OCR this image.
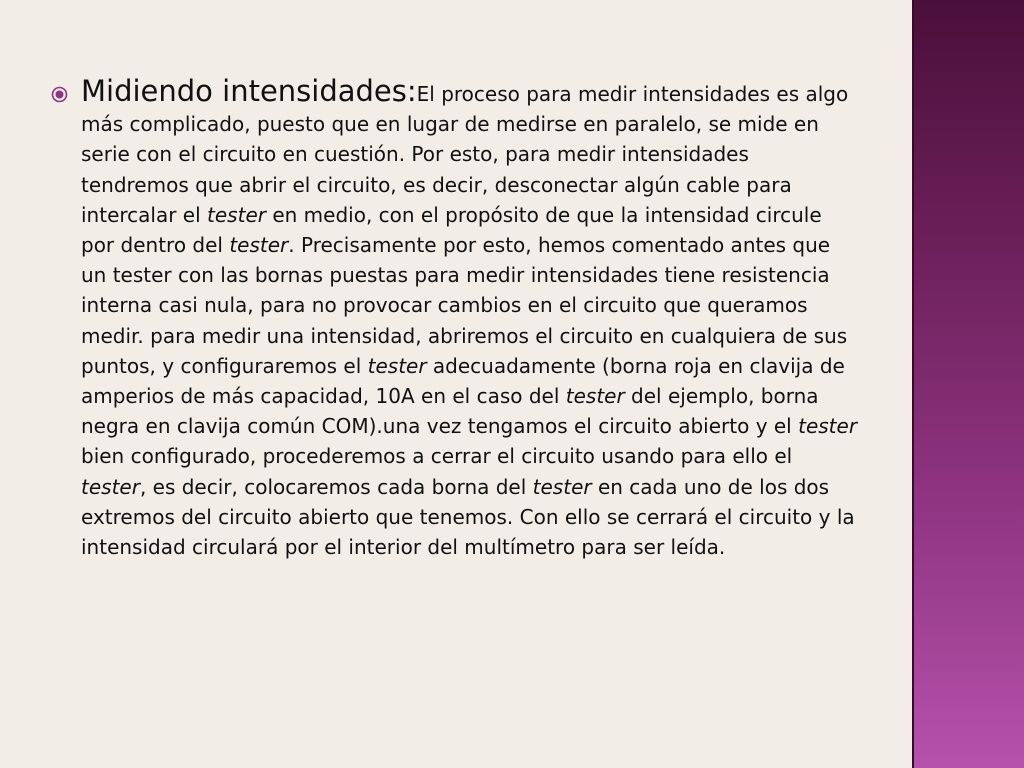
Midiendo intensidades:El proceso para medir intensidades es algo más complicado, puesto que en lugar de medirse en paralelo, se mide en serie con el circuito en cuestión. Por esto, para medir intensidades tendremos que abrir el circuito, es decir, desconectar algún cable para intercalar el tester en medio, con el propósito de que la intensidad circule por dentro del tester. Precisamente por esto, hemos comentado antes que un tester con las bornas puestas para medir intensidades tiene resistencia interna casi nula, para no provocar cambios en el circuito que queramos medir. para medir una intensidad, abriremos el circuito en cualquiera de sus puntos, y configuraremos el tester adecuadamente (borna roja en clavija de amperios de más capacidad, 10A en el caso del tester del ejemplo, borna negra en clavija común COM).una vez tengamos el circuito abierto y el tester bien configurado, procederemos a cerrar el circuito usando para ello el tester, es decir, colocaremos cada borna del tester en cada uno de los dos extremos del circuito abierto que tenemos. Con ello se cerrará el circuito y la intensidad circulará por el interior del multímetro para ser leída.
